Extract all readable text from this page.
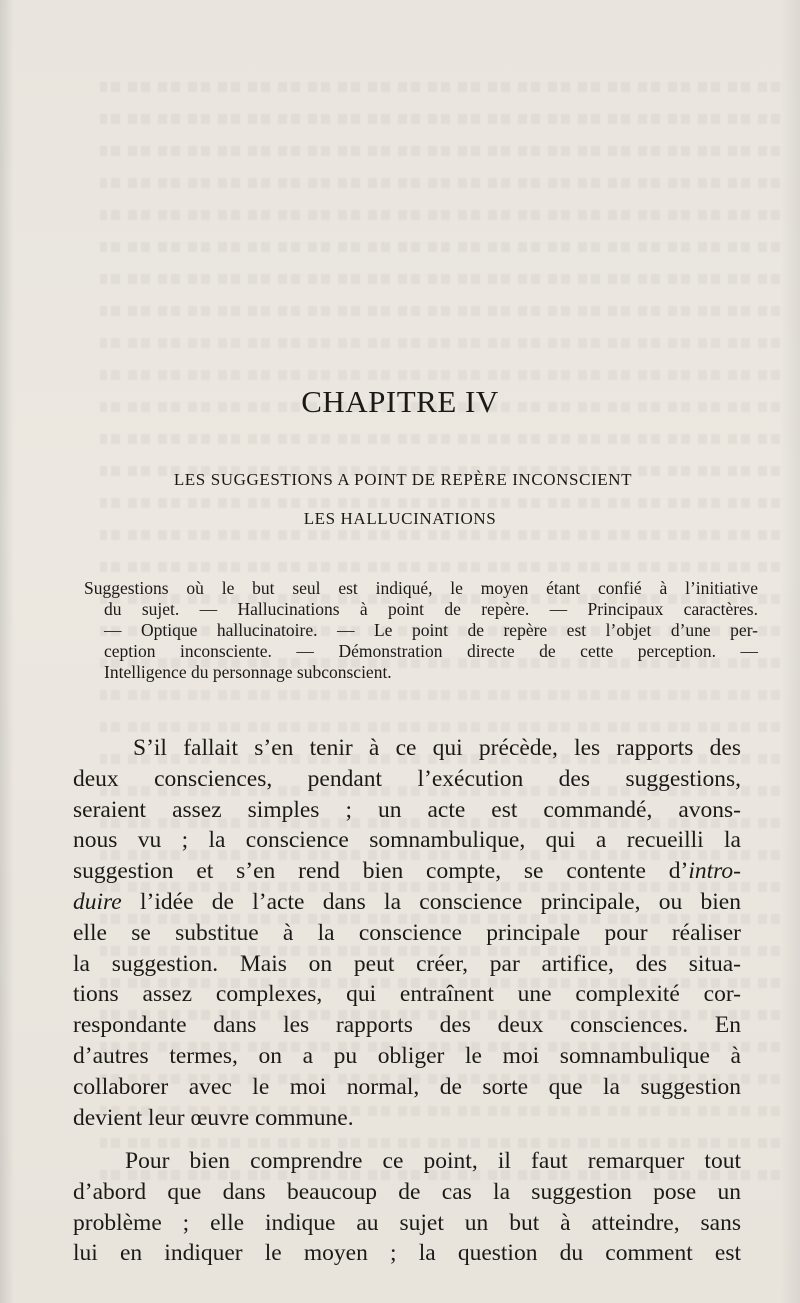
CHAPITRE IV
LES SUGGESTIONS A POINT DE REPÈRE INCONSCIENT
LES HALLUCINATIONS
Suggestions où le but seul est indiqué, le moyen étant confié à l’initiative
du sujet. — Hallucinations à point de repère. — Principaux caractères.
— Optique hallucinatoire. — Le point de repère est l’objet d’une per-
ception inconsciente. — Démonstration directe de cette perception. —
Intelligence du personnage subconscient.
S’il fallait s’en tenir à ce qui précède, les rapports des
deux consciences, pendant l’exécution des suggestions,
seraient assez simples ; un acte est commandé, avons-
nous vu ; la conscience somnambulique, qui a recueilli la
suggestion et s’en rend bien compte, se contente d’intro-
duire l’idée de l’acte dans la conscience principale, ou bien
elle se substitue à la conscience principale pour réaliser
la suggestion. Mais on peut créer, par artifice, des situa-
tions assez complexes, qui entraînent une complexité cor-
respondante dans les rapports des deux consciences. En
d’autres termes, on a pu obliger le moi somnambulique à
collaborer avec le moi normal, de sorte que la suggestion
devient leur œuvre commune.
Pour bien comprendre ce point, il faut remarquer tout
d’abord que dans beaucoup de cas la suggestion pose un
problème ; elle indique au sujet un but à atteindre, sans
lui en indiquer le moyen ; la question du comment est
